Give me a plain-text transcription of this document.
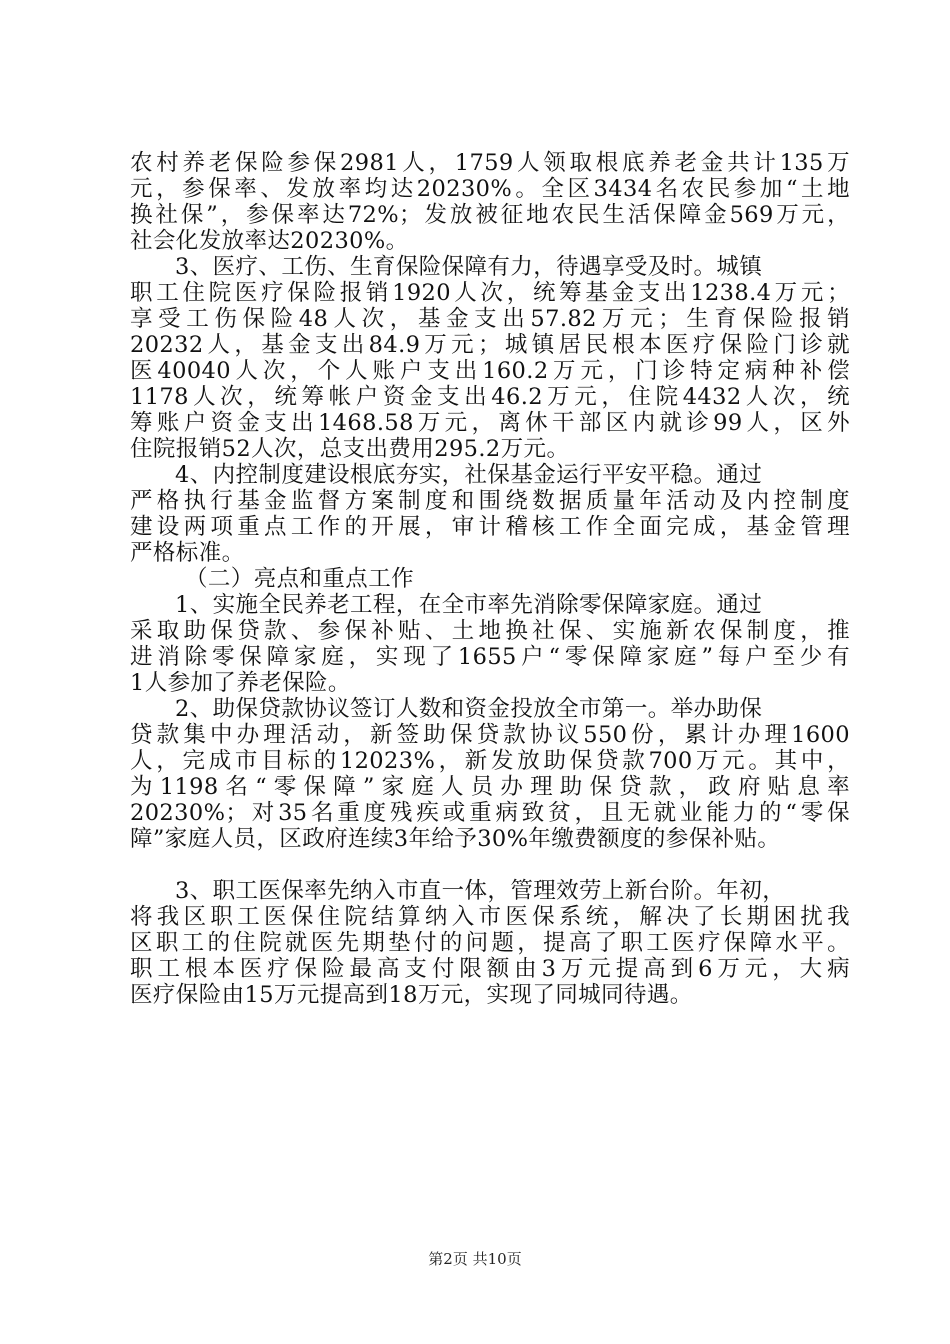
农村养老保险参保2981人，1759人领取根底养老金共计135万
元，参保率、发放率均达20230%。全区3434名农民参加“土地
换社保”，参保率达72%；发放被征地农民生活保障金569万元，
社会化发放率达20230%。
3、医疗、工伤、生育保险保障有力，待遇享受及时。城镇
职工住院医疗保险报销1920人次，统筹基金支出1238.4万元；
享受工伤保险48人次，基金支出57.82万元；生育保险报销
20232人，基金支出84.9万元；城镇居民根本医疗保险门诊就
医40040人次，个人账户支出160.2万元，门诊特定病种补偿
1178人次，统筹帐户资金支出46.2万元，住院4432人次，统
筹账户资金支出1468.58万元，离休干部区内就诊99人，区外
住院报销52人次，总支出费用295.2万元。
4、内控制度建设根底夯实，社保基金运行平安平稳。通过
严格执行基金监督方案制度和围绕数据质量年活动及内控制度
建设两项重点工作的开展，审计稽核工作全面完成，基金管理
严格标准。
（二）亮点和重点工作
1、实施全民养老工程，在全市率先消除零保障家庭。通过
采取助保贷款、参保补贴、土地换社保、实施新农保制度，推
进消除零保障家庭，实现了1655户“零保障家庭”每户至少有
1人参加了养老保险。
2、助保贷款协议签订人数和资金投放全市第一。举办助保
贷款集中办理活动，新签助保贷款协议550份，累计办理1600
人，完成市目标的12023%，新发放助保贷款700万元。其中，
为1198名“零保障”家庭人员办理助保贷款，政府贴息率
20230%；对35名重度残疾或重病致贫，且无就业能力的“零保
障”家庭人员，区政府连续3年给予30%年缴费额度的参保补贴。
3、职工医保率先纳入市直一体，管理效劳上新台阶。年初，
将我区职工医保住院结算纳入市医保系统，解决了长期困扰我
区职工的住院就医先期垫付的问题，提高了职工医疗保障水平。
职工根本医疗保险最高支付限额由3万元提高到6万元，大病
医疗保险由15万元提高到18万元，实现了同城同待遇。
第2页 共10页
